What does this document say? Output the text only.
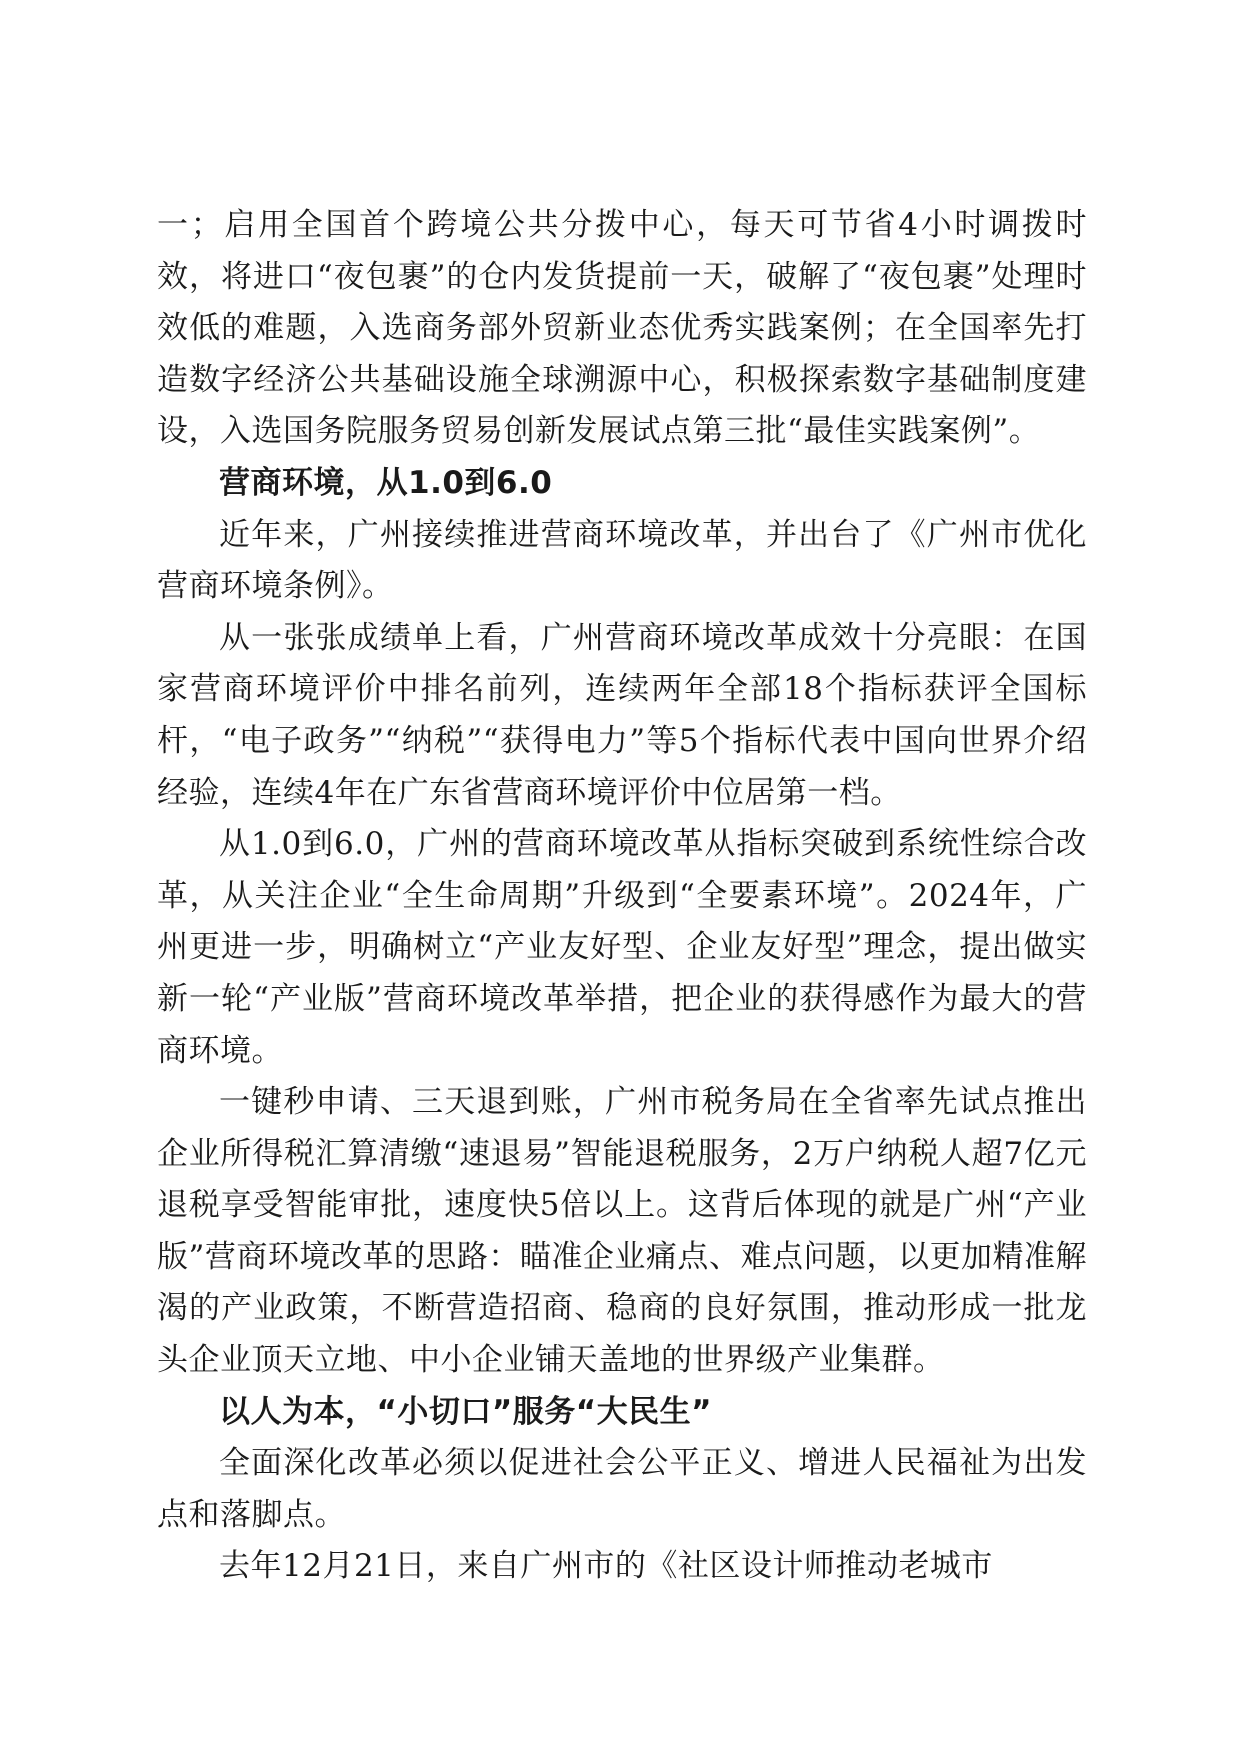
一；启用全国首个跨境公共分拨中心，每天可节省4小时调拨时效，将进口“夜包裹”的仓内发货提前一天，破解了“夜包裹”处理时效低的难题，入选商务部外贸新业态优秀实践案例；在全国率先打造数字经济公共基础设施全球溯源中心，积极探索数字基础制度建设，入选国务院服务贸易创新发展试点第三批“最佳实践案例”。

营商环境，从1.0到6.0

近年来，广州接续推进营商环境改革，并出台了《广州市优化营商环境条例》。

从一张张成绩单上看，广州营商环境改革成效十分亮眼：在国家营商环境评价中排名前列，连续两年全部18个指标获评全国标杆，“电子政务”“纳税”“获得电力”等5个指标代表中国向世界介绍经验，连续4年在广东省营商环境评价中位居第一档。

从1.0到6.0，广州的营商环境改革从指标突破到系统性综合改革，从关注企业“全生命周期”升级到“全要素环境”。2024年，广州更进一步，明确树立“产业友好型、企业友好型”理念，提出做实新一轮“产业版”营商环境改革举措，把企业的获得感作为最大的营商环境。

一键秒申请、三天退到账，广州市税务局在全省率先试点推出企业所得税汇算清缴“速退易”智能退税服务，2万户纳税人超7亿元退税享受智能审批，速度快5倍以上。这背后体现的就是广州“产业版”营商环境改革的思路：瞄准企业痛点、难点问题，以更加精准解渴的产业政策，不断营造招商、稳商的良好氛围，推动形成一批龙头企业顶天立地、中小企业铺天盖地的世界级产业集群。

以人为本，“小切口”服务“大民生”

全面深化改革必须以促进社会公平正义、增进人民福祉为出发点和落脚点。

去年12月21日，来自广州市的《社区设计师推动老城市
